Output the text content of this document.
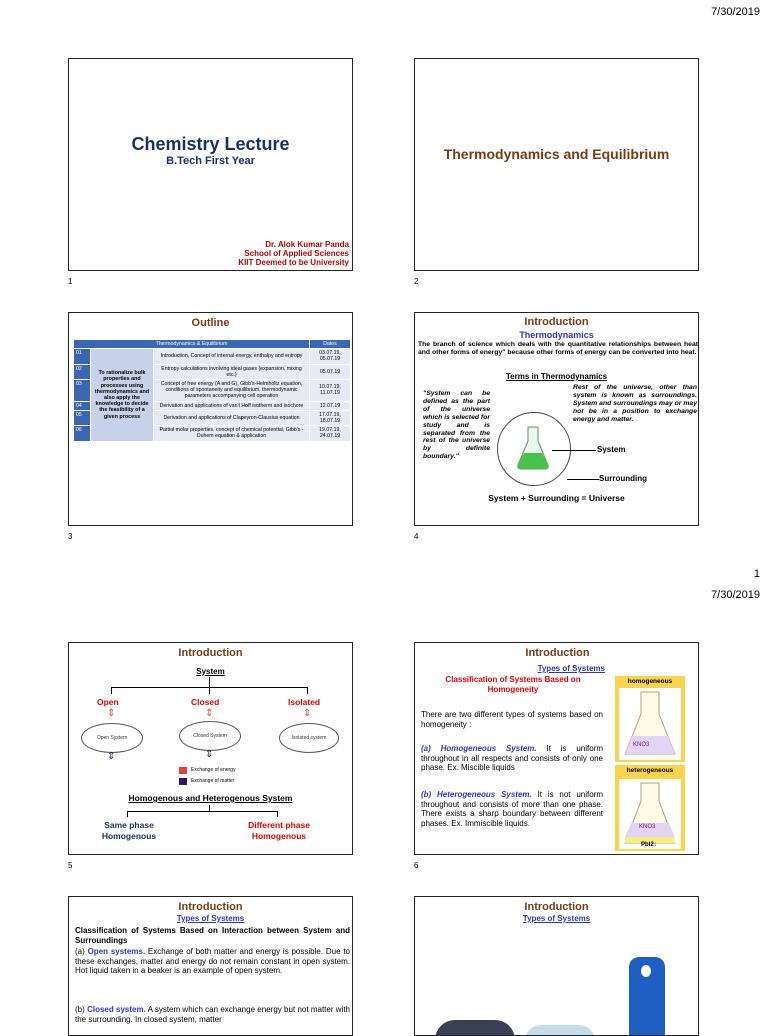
7/30/2019
Chemistry Lecture
B.Tech First Year
Dr. Alok Kumar Panda
School of Applied Sciences
KIIT Deemed to be University
1
Thermodynamics and Equilibrium
2
Outline
Thermodynamics & Equilibrium			Dates
01	To rationalize bulk properties and processes using thermodynamics and also apply the knowledge to decide the feasibility of a given process	Introduction, Concept of internal energy, enthalpy and entropy	03.07.19, 05.07.19
02		Entropy calculations involving ideal gases (expansion, mixing etc.)	05.07.19
03		Concept of free energy (A and G), Gibb's-Helmholtz equation, conditions of spontaneity and equilibrium, thermodynamic parameters accompanying cell operation	10.07.19, 11.07.19
04		Derivation and applications of van't Hoff isotherm and isochore	12.07.19
05		Derivation and applications of Clapeyron-Clausius equation	17.07.19, 18.07.19
06		Partial molar properties, concept of chemical potential, Gibb's -Duhem equation & application	19.07.19, 24.07.19
3
Introduction
Thermodynamics
The branch of science which deals with the quantitative relationships between heat and other forms of energy" because other forms of energy can be converted into heat.
Terms in Thermodynamics
"System can be defined as the part of the universe which is selected for study and is separated from the rest of the universe by definite boundary."
Rest of the universe, other than system is known as surroundings. System and surroundings may or may not be in a position to exchange energy and matter.
System
Surrounding
System + Surrounding = Universe
4
1
7/30/2019
Introduction
System
Open	Closed	Isolated
⇕	⇕	⇕
Open System	Closed System	Isolated system
⇕	⇕
Exchange of energy
Exchange of matter
Homogenous and Heterogenous System
Same phase
Homogenous
Different phase
Homogenous
5
Introduction
Types of Systems
Classification of Systems Based on Homogeneity
There are two different types of systems based on homogeneity :
(a) Homogeneous System. It is uniform throughout in all respects and consists of only one phase. Ex. Miscible liquids
(b) Heterogeneous System. It is not uniform throughout and consists of more than one phase. There exists a sharp boundary between different phases. Ex. Immiscible liquids.
homogeneous
KNO3
heterogeneous
KNO3
PbI2↓
6
Introduction
Types of Systems
Classification of Systems Based on Interaction between System and Surroundings
(a) Open systems. Exchange of both matter and energy is possible. Due to these exchanges, matter and energy do not remain constant in open system. Hot liquid taken in a beaker is an example of open system.
(b) Closed system. A system which can exchange energy but not matter with the surrounding. In closed system, matter
Introduction
Types of Systems
